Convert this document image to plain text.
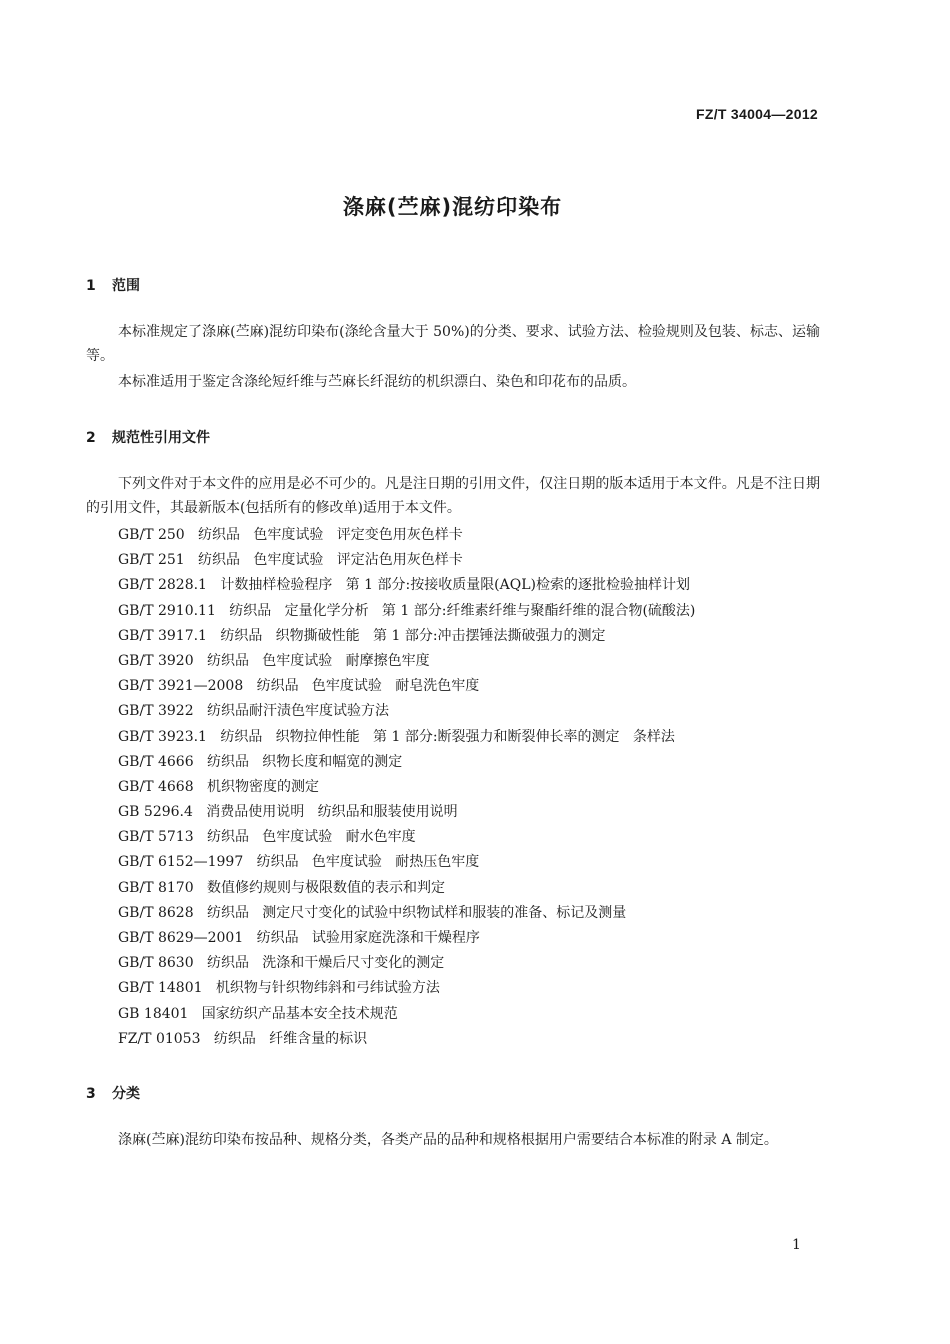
FZ/T 34004—2012
涤麻(苎麻)混纺印染布
1 范围
本标准规定了涤麻(苎麻)混纺印染布(涤纶含量大于 50%)的分类、要求、试验方法、检验规则及包装、标志、运输等。
本标准适用于鉴定含涤纶短纤维与苎麻长纤混纺的机织漂白、染色和印花布的品质。
2 规范性引用文件
下列文件对于本文件的应用是必不可少的。凡是注日期的引用文件，仅注日期的版本适用于本文件。凡是不注日期的引用文件，其最新版本(包括所有的修改单)适用于本文件。
GB/T 250   纺织品   色牢度试验   评定变色用灰色样卡
GB/T 251   纺织品   色牢度试验   评定沾色用灰色样卡
GB/T 2828.1   计数抽样检验程序   第 1 部分:按接收质量限(AQL)检索的逐批检验抽样计划
GB/T 2910.11   纺织品   定量化学分析   第 1 部分:纤维素纤维与聚酯纤维的混合物(硫酸法)
GB/T 3917.1   纺织品   织物撕破性能   第 1 部分:冲击摆锤法撕破强力的测定
GB/T 3920   纺织品   色牢度试验   耐摩擦色牢度
GB/T 3921—2008   纺织品   色牢度试验   耐皂洗色牢度
GB/T 3922   纺织品耐汗渍色牢度试验方法
GB/T 3923.1   纺织品   织物拉伸性能   第 1 部分:断裂强力和断裂伸长率的测定   条样法
GB/T 4666   纺织品   织物长度和幅宽的测定
GB/T 4668   机织物密度的测定
GB 5296.4   消费品使用说明   纺织品和服装使用说明
GB/T 5713   纺织品   色牢度试验   耐水色牢度
GB/T 6152—1997   纺织品   色牢度试验   耐热压色牢度
GB/T 8170   数值修约规则与极限数值的表示和判定
GB/T 8628   纺织品   测定尺寸变化的试验中织物试样和服装的准备、标记及测量
GB/T 8629—2001   纺织品   试验用家庭洗涤和干燥程序
GB/T 8630   纺织品   洗涤和干燥后尺寸变化的测定
GB/T 14801   机织物与针织物纬斜和弓纬试验方法
GB 18401   国家纺织产品基本安全技术规范
FZ/T 01053   纺织品   纤维含量的标识
3 分类
涤麻(苎麻)混纺印染布按品种、规格分类，各类产品的品种和规格根据用户需要结合本标准的附录 A 制定。
1
